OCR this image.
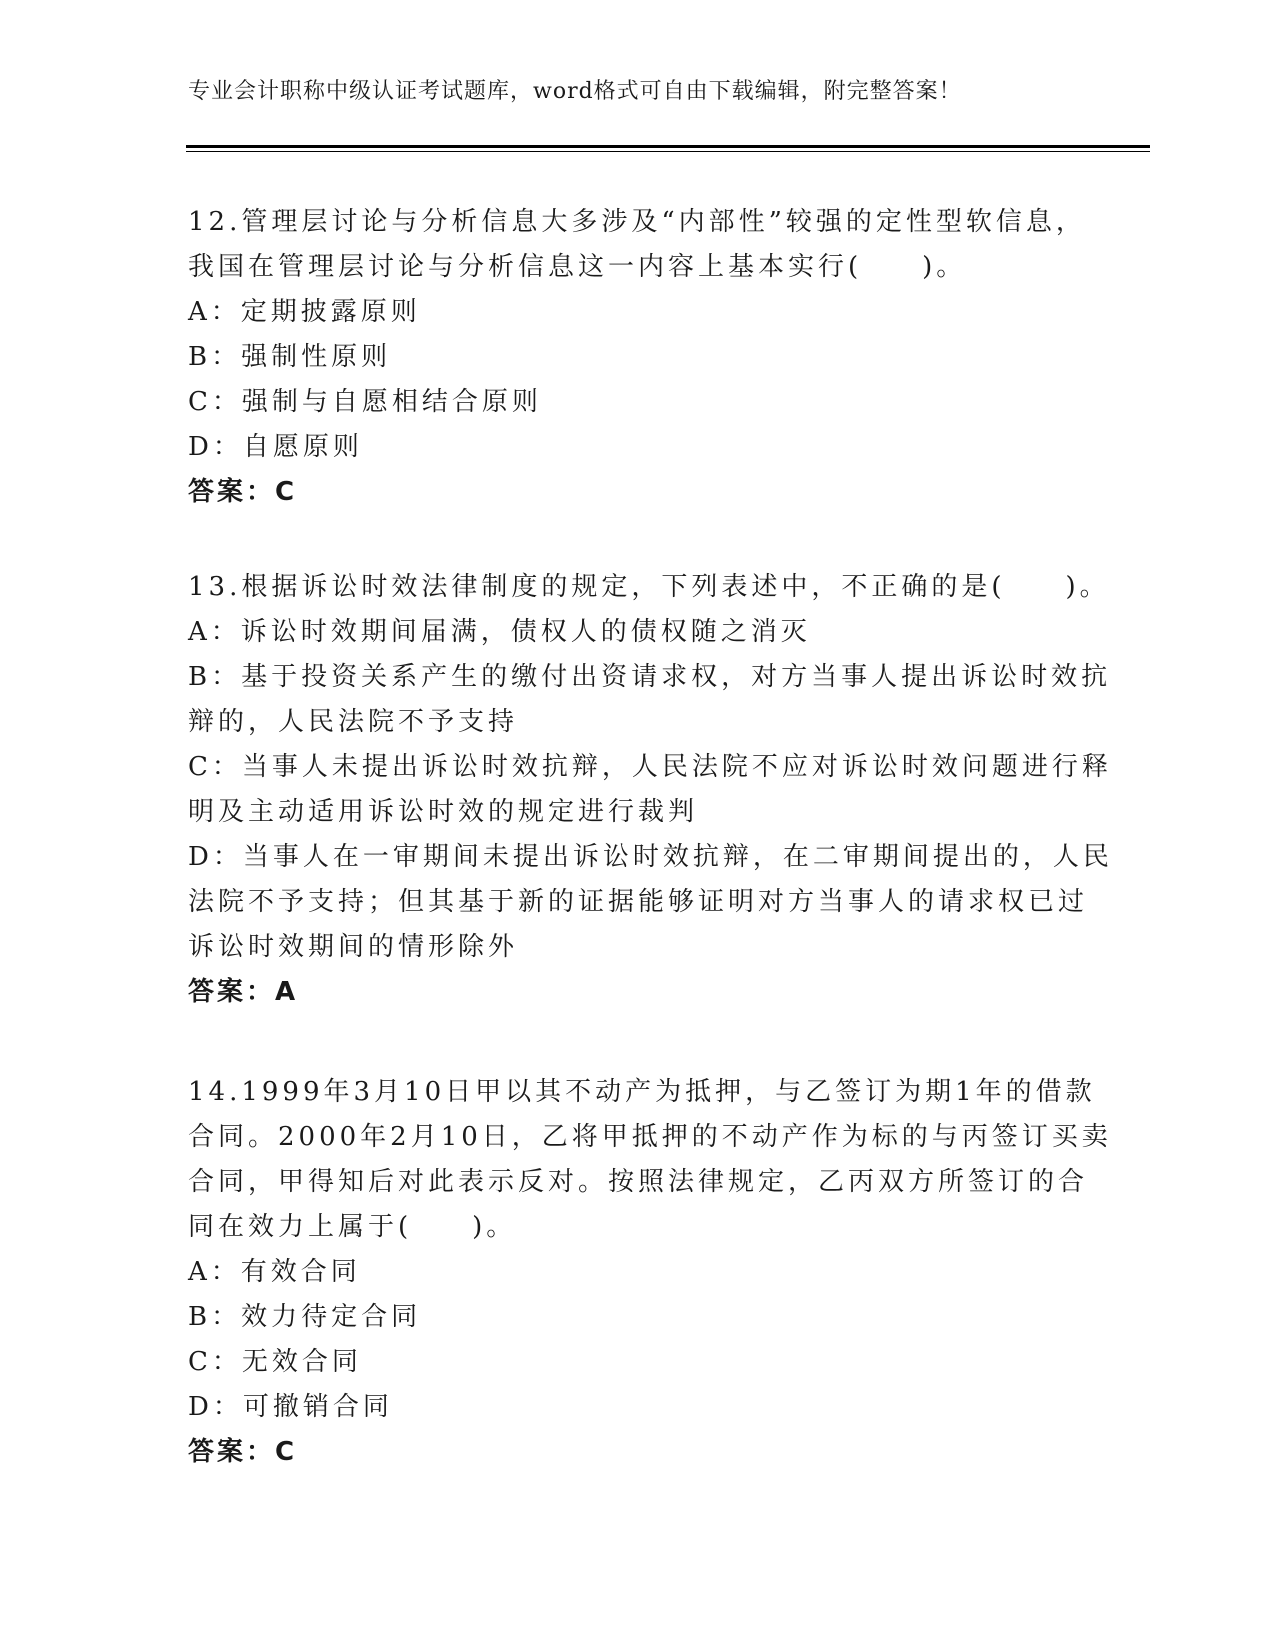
专业会计职称中级认证考试题库，word格式可自由下载编辑，附完整答案！

12.管理层讨论与分析信息大多涉及“内部性”较强的定性型软信息，

我国在管理层讨论与分析信息这一内容上基本实行(　　)。

A：定期披露原则

B：强制性原则

C：强制与自愿相结合原则

D：自愿原则

答案：C

13.根据诉讼时效法律制度的规定，下列表述中，不正确的是(　　)。

A：诉讼时效期间届满，债权人的债权随之消灭

B：基于投资关系产生的缴付出资请求权，对方当事人提出诉讼时效抗

辩的，人民法院不予支持

C：当事人未提出诉讼时效抗辩，人民法院不应对诉讼时效问题进行释

明及主动适用诉讼时效的规定进行裁判

D：当事人在一审期间未提出诉讼时效抗辩，在二审期间提出的，人民

法院不予支持；但其基于新的证据能够证明对方当事人的请求权已过

诉讼时效期间的情形除外

答案：A

14.1999年3月10日甲以其不动产为抵押，与乙签订为期1年的借款

合同。2000年2月10日，乙将甲抵押的不动产作为标的与丙签订买卖

合同，甲得知后对此表示反对。按照法律规定，乙丙双方所签订的合

同在效力上属于(　　)。

A：有效合同

B：效力待定合同

C：无效合同

D：可撤销合同

答案：C
